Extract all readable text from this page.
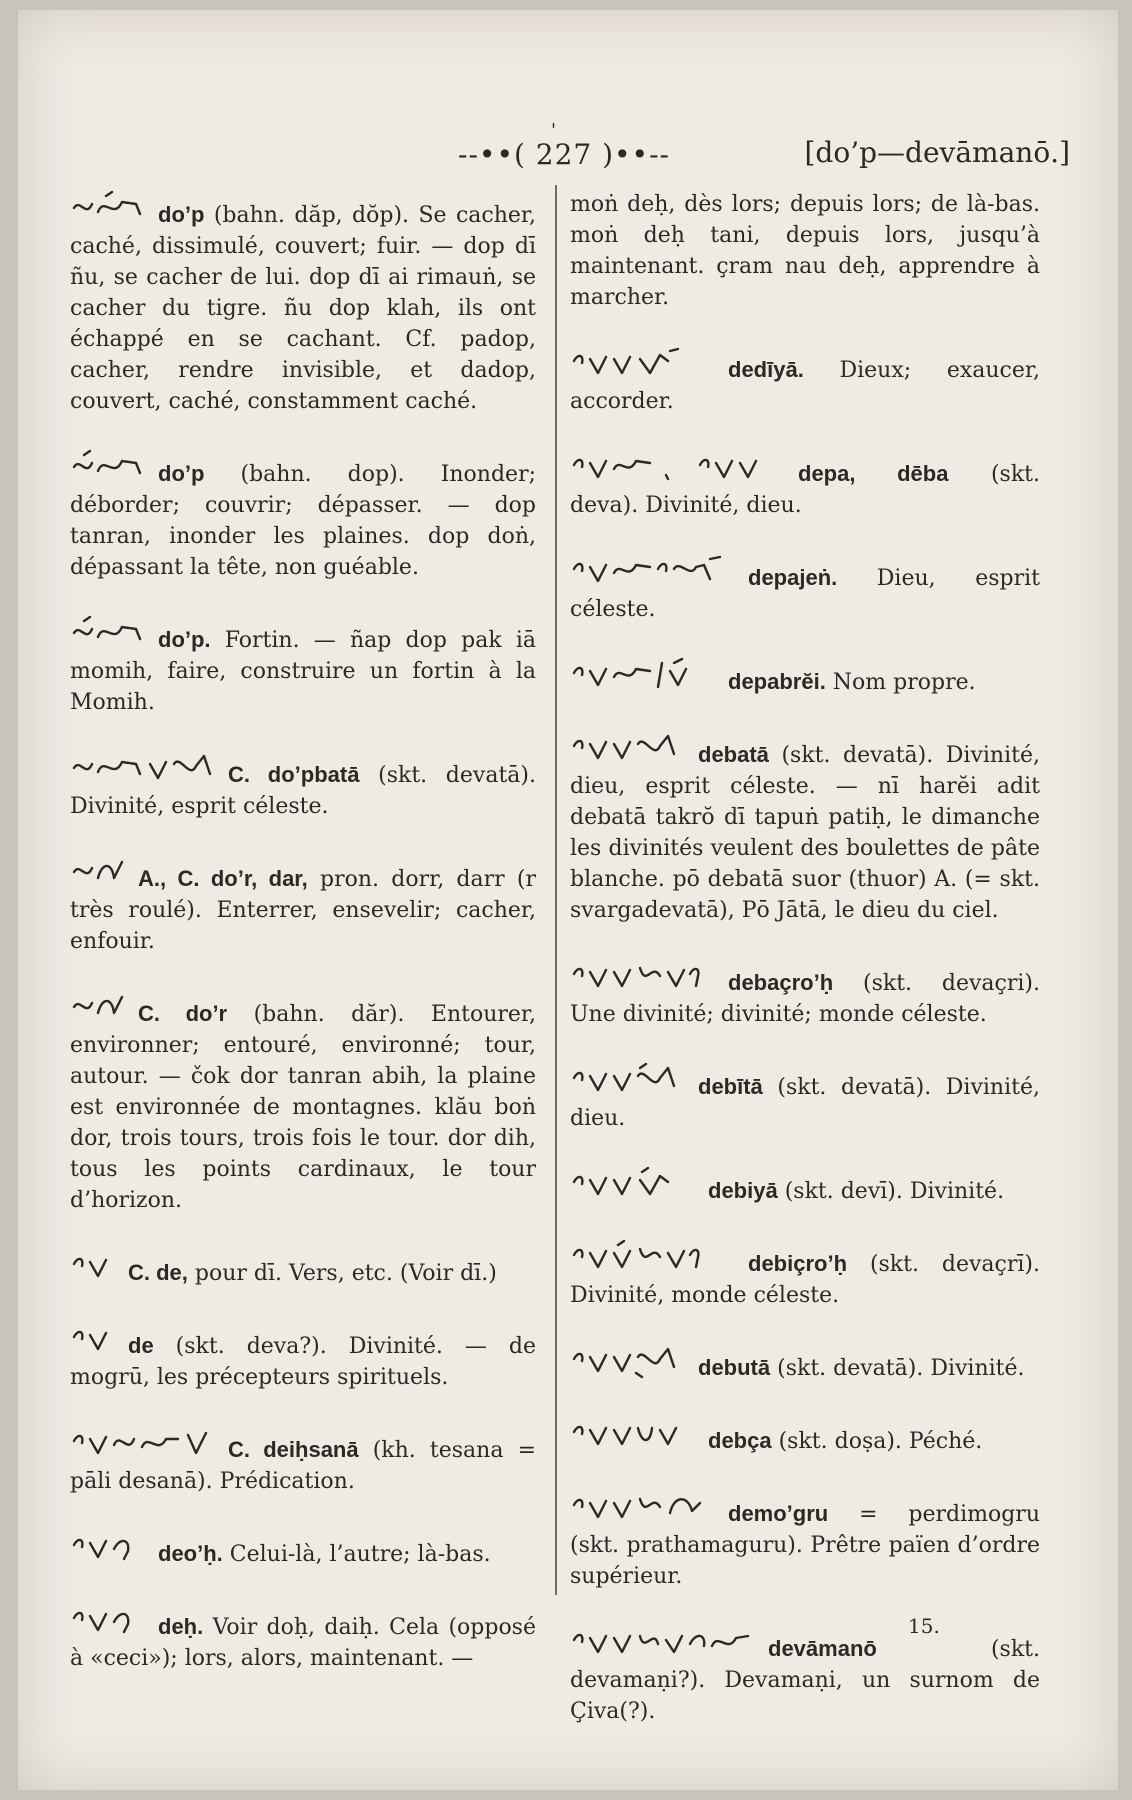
'
--••( 227 )••--	[do’p—devāmanō.]

do’p (bahn. dăp, dŏp). Se cacher, caché, dissimulé, couvert; fuir. — dop dī ñu, se cacher de lui. dop dī ai rimauṅ, se cacher du tigre. ñu dop klah, ils ont échappé en se cachant. Cf. padop, cacher, rendre invisible, et dadop, couvert, caché, constamment caché.

do’p (bahn. dop). Inonder; déborder; couvrir; dépasser. — dop tanran, inonder les plaines. dop doṅ, dépassant la tête, non guéable.

do’p. Fortin. — ñap dop pak iā momih, faire, construire un fortin à la Momih.

C. do’pbatā (skt. devatā). Divinité, esprit céleste.

A., C. do’r, dar, pron. dorr, darr (r très roulé). Enterrer, ensevelir; cacher, enfouir.

C. do’r (bahn. dăr). Entourer, environner; entouré, environné; tour, autour. — čok dor tanran abih, la plaine est environnée de montagnes. klău boṅ dor, trois tours, trois fois le tour. dor dih, tous les points cardinaux, le tour d’horizon.

C. de, pour dī. Vers, etc. (Voir dī.)

de (skt. deva?). Divinité. — de mogrū, les précepteurs spirituels.

C. deiḥsanā (kh. tesana = pāli desanā). Prédication.

deo’ḥ. Celui-là, l’autre; là-bas.

deḥ. Voir doḥ, daiḥ. Cela (opposé à «ceci»); lors, alors, maintenant. —

moṅ deḥ, dès lors; depuis lors; de là-bas. moṅ deḥ tani, depuis lors, jusqu’à maintenant. çram nau deḥ, apprendre à marcher.

dedīyā. Dieux; exaucer, accorder.

depa, dēba (skt. deva). Divinité, dieu.

depajeṅ. Dieu, esprit céleste.

depabrĕi. Nom propre.

debatā (skt. devatā). Divinité, dieu, esprit céleste. — nī harĕi adit debatā takrŏ dī tapuṅ patiḥ, le dimanche les divinités veulent des boulettes de pâte blanche. pō debatā suor (thuor) A. (= skt. svargadevatā), Pō Jātā, le dieu du ciel.

debaçro’ḥ (skt. devaçri). Une divinité; divinité; monde céleste.

debītā (skt. devatā). Divinité, dieu.

debiyā (skt. devī). Divinité.

debiçro’ḥ (skt. devaçrī). Divinité, monde céleste.

debutā (skt. devatā). Divinité.

debça (skt. doṣa). Péché.

demo’gru = perdimogru (skt. prathamaguru). Prêtre païen d’ordre supérieur.

devāmanō (skt. devamaṇi?). Devamaṇi, un surnom de Çiva(?).

15.
